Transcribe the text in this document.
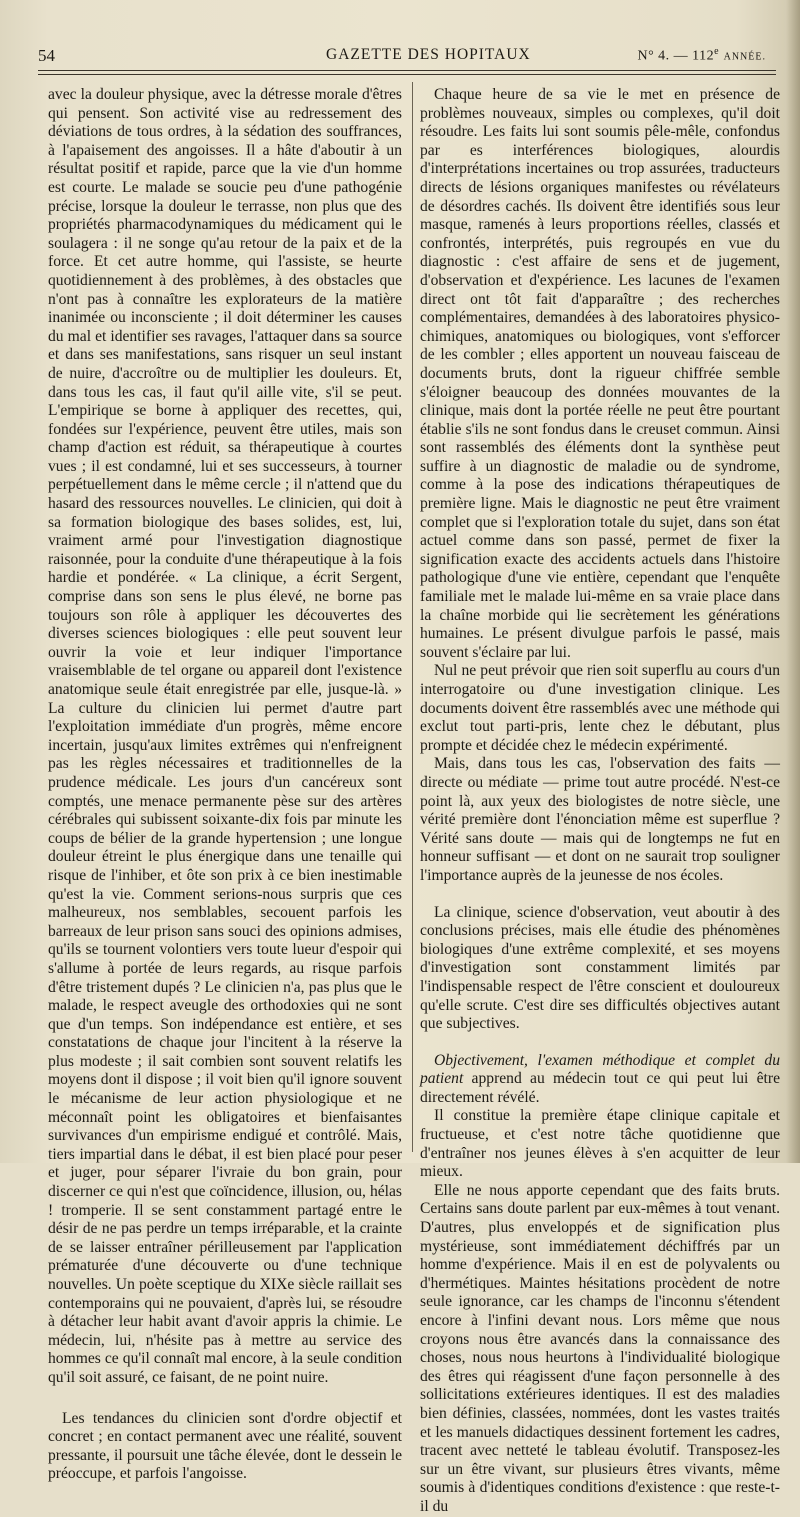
54	GAZETTE DES HOPITAUX	N° 4. — 112e ANNÉE.

avec la douleur physique, avec la détresse morale d'êtres qui pensent. Son activité vise au redressement des déviations de tous ordres, à la sédation des souffrances, à l'apaisement des angoisses. Il a hâte d'aboutir à un résultat positif et rapide, parce que la vie d'un homme est courte. Le malade se soucie peu d'une pathogénie précise, lorsque la douleur le terrasse, non plus que des propriétés pharmacodynamiques du médicament qui le soulagera : il ne songe qu'au retour de la paix et de la force. Et cet autre homme, qui l'assiste, se heurte quotidiennement à des problèmes, à des obstacles que n'ont pas à connaître les explorateurs de la matière inanimée ou inconsciente ; il doit déterminer les causes du mal et identifier ses ravages, l'attaquer dans sa source et dans ses manifestations, sans risquer un seul instant de nuire, d'accroître ou de multiplier les douleurs. Et, dans tous les cas, il faut qu'il aille vite, s'il se peut. L'empirique se borne à appliquer des recettes, qui, fondées sur l'expérience, peuvent être utiles, mais son champ d'action est réduit, sa thérapeutique à courtes vues ; il est condamné, lui et ses successeurs, à tourner perpétuellement dans le même cercle ; il n'attend que du hasard des ressources nouvelles. Le clinicien, qui doit à sa formation biologique des bases solides, est, lui, vraiment armé pour l'investigation diagnostique raisonnée, pour la conduite d'une thérapeutique à la fois hardie et pondérée. « La clinique, a écrit Sergent, comprise dans son sens le plus élevé, ne borne pas toujours son rôle à appliquer les découvertes des diverses sciences biologiques : elle peut souvent leur ouvrir la voie et leur indiquer l'importance vraisemblable de tel organe ou appareil dont l'existence anatomique seule était enregistrée par elle, jusque-là. » La culture du clinicien lui permet d'autre part l'exploitation immédiate d'un progrès, même encore incertain, jusqu'aux limites extrêmes qui n'enfreignent pas les règles nécessaires et traditionnelles de la prudence médicale. Les jours d'un cancéreux sont comptés, une menace permanente pèse sur des artères cérébrales qui subissent soixante-dix fois par minute les coups de bélier de la grande hypertension ; une longue douleur étreint le plus énergique dans une tenaille qui risque de l'inhiber, et ôte son prix à ce bien inestimable qu'est la vie. Comment serions-nous surpris que ces malheureux, nos semblables, secouent parfois les barreaux de leur prison sans souci des opinions admises, qu'ils se tournent volontiers vers toute lueur d'espoir qui s'allume à portée de leurs regards, au risque parfois d'être tristement dupés ? Le clinicien n'a, pas plus que le malade, le respect aveugle des orthodoxies qui ne sont que d'un temps. Son indépendance est entière, et ses constatations de chaque jour l'incitent à la réserve la plus modeste ; il sait combien sont souvent relatifs les moyens dont il dispose ; il voit bien qu'il ignore souvent le mécanisme de leur action physiologique et ne méconnaît point les obligatoires et bienfaisantes survivances d'un empirisme endigué et contrôlé. Mais, tiers impartial dans le débat, il est bien placé pour peser et juger, pour séparer l'ivraie du bon grain, pour discerner ce qui n'est que coïncidence, illusion, ou, hélas ! tromperie. Il se sent constamment partagé entre le désir de ne pas perdre un temps irréparable, et la crainte de se laisser entraîner périlleusement par l'application prématurée d'une découverte ou d'une technique nouvelles. Un poète sceptique du XIXe siècle raillait ses contemporains qui ne pouvaient, d'après lui, se résoudre à détacher leur habit avant d'avoir appris la chimie. Le médecin, lui, n'hésite pas à mettre au service des hommes ce qu'il connaît mal encore, à la seule condition qu'il soit assuré, ce faisant, de ne point nuire.

Les tendances du clinicien sont d'ordre objectif et concret ; en contact permanent avec une réalité, souvent pressante, il poursuit une tâche élevée, dont le dessein le préoccupe, et parfois l'angoisse.

Chaque heure de sa vie le met en présence de problèmes nouveaux, simples ou complexes, qu'il doit résoudre. Les faits lui sont soumis pêle-mêle, confondus par es interférences biologiques, alourdis d'interprétations incertaines ou trop assurées, traducteurs directs de lésions organiques manifestes ou révélateurs de désordres cachés. Ils doivent être identifiés sous leur masque, ramenés à leurs proportions réelles, classés et confrontés, interprétés, puis regroupés en vue du diagnostic : c'est affaire de sens et de jugement, d'observation et d'expérience. Les lacunes de l'examen direct ont tôt fait d'apparaître ; des recherches complémentaires, demandées à des laboratoires physico-chimiques, anatomiques ou biologiques, vont s'efforcer de les combler ; elles apportent un nouveau faisceau de documents bruts, dont la rigueur chiffrée semble s'éloigner beaucoup des données mouvantes de la clinique, mais dont la portée réelle ne peut être pourtant établie s'ils ne sont fondus dans le creuset commun. Ainsi sont rassemblés des éléments dont la synthèse peut suffire à un diagnostic de maladie ou de syndrome, comme à la pose des indications thérapeutiques de première ligne. Mais le diagnostic ne peut être vraiment complet que si l'exploration totale du sujet, dans son état actuel comme dans son passé, permet de fixer la signification exacte des accidents actuels dans l'histoire pathologique d'une vie entière, cependant que l'enquête familiale met le malade lui-même en sa vraie place dans la chaîne morbide qui lie secrètement les générations humaines. Le présent divulgue parfois le passé, mais souvent s'éclaire par lui.

Nul ne peut prévoir que rien soit superflu au cours d'un interrogatoire ou d'une investigation clinique. Les documents doivent être rassemblés avec une méthode qui exclut tout parti-pris, lente chez le débutant, plus prompte et décidée chez le médecin expérimenté.

Mais, dans tous les cas, l'observation des faits — directe ou médiate — prime tout autre procédé. N'est-ce point là, aux yeux des biologistes de notre siècle, une vérité première dont l'énonciation même est superflue ? Vérité sans doute — mais qui de longtemps ne fut en honneur suffisant — et dont on ne saurait trop souligner l'importance auprès de la jeunesse de nos écoles.

La clinique, science d'observation, veut aboutir à des conclusions précises, mais elle étudie des phénomènes biologiques d'une extrême complexité, et ses moyens d'investigation sont constamment limités par l'indispensable respect de l'être conscient et douloureux qu'elle scrute. C'est dire ses difficultés objectives autant que subjectives.

Objectivement, l'examen méthodique et complet du patient apprend au médecin tout ce qui peut lui être directement révélé.

Il constitue la première étape clinique capitale et fructueuse, et c'est notre tâche quotidienne que d'entraîner nos jeunes élèves à s'en acquitter de leur mieux.

Elle ne nous apporte cependant que des faits bruts. Certains sans doute parlent par eux-mêmes à tout venant. D'autres, plus enveloppés et de signification plus mystérieuse, sont immédiatement déchiffrés par un homme d'expérience. Mais il en est de polyvalents ou d'hermétiques. Maintes hésitations procèdent de notre seule ignorance, car les champs de l'inconnu s'étendent encore à l'infini devant nous. Lors même que nous croyons nous être avancés dans la connaissance des choses, nous nous heurtons à l'individualité biologique des êtres qui réagissent d'une façon personnelle à des sollicitations extérieures identiques. Il est des maladies bien définies, classées, nommées, dont les vastes traités et les manuels didactiques dessinent fortement les cadres, tracent avec netteté le tableau évolutif. Transposez-les sur un être vivant, sur plusieurs êtres vivants, même soumis à d'identiques conditions d'existence : que reste-t-il du
